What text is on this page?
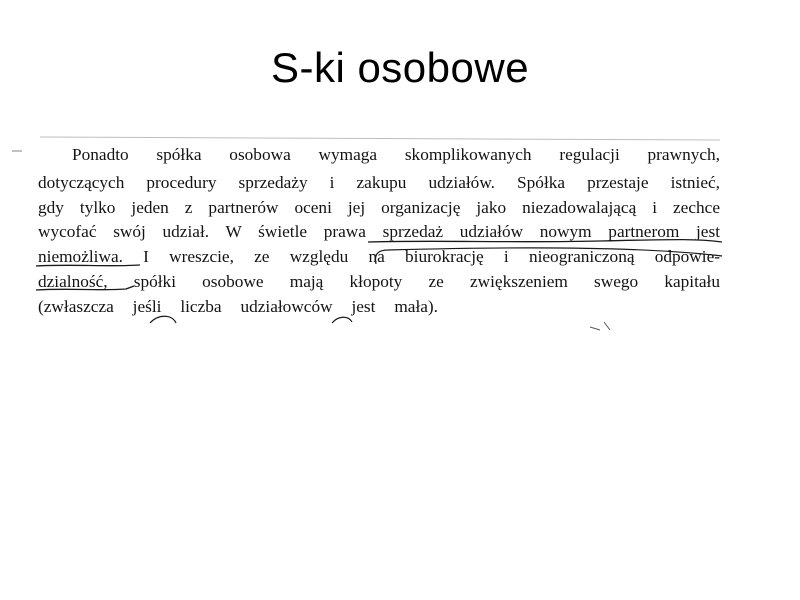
S-ki osobowe
Ponadto spółka osobowa wymaga skomplikowanych regulacji prawnych,
dotyczących procedury sprzedaży i zakupu udziałów. Spółka przestaje istnieć,
gdy tylko jeden z partnerów oceni jej organizację jako niezadowalającą i zechce
wycofać swój udział. W świetle prawa sprzedaż udziałów nowym partnerom jest
niemożliwa. I wreszcie, ze względu na biurokrację i nieograniczoną odpowie-
dzialność, spółki osobowe mają kłopoty ze zwiększeniem swego kapitału
(zwłaszcza jeśli liczba udziałowców jest mała).
